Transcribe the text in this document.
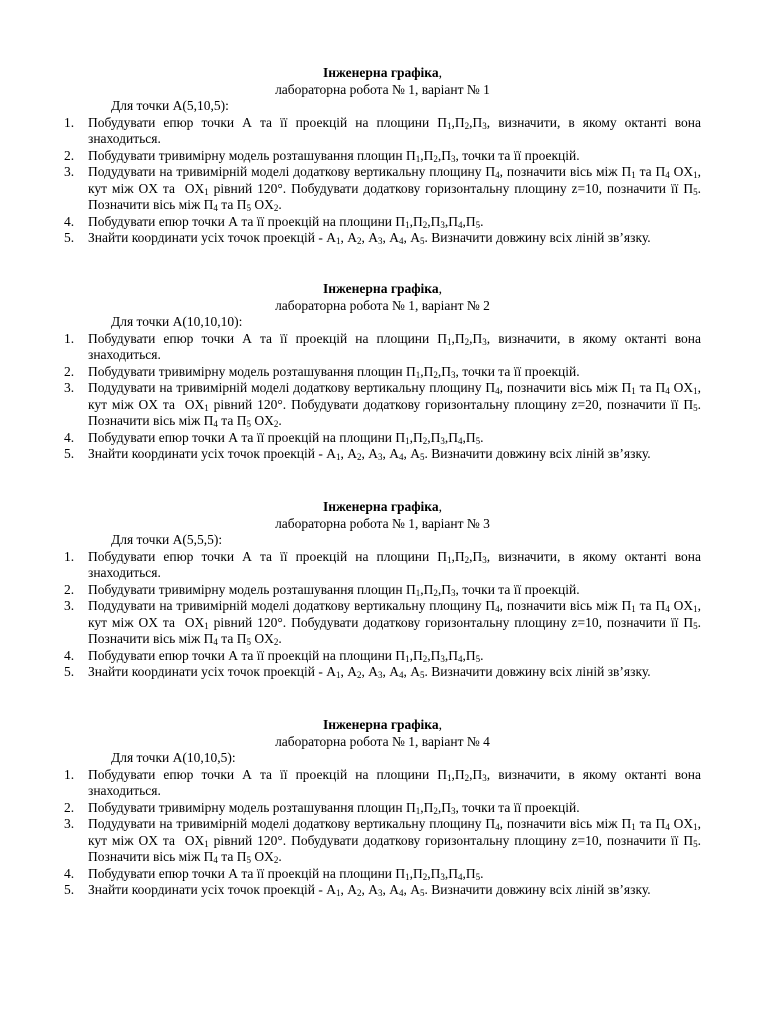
Інженерна графіка,
лабораторна робота № 1, варіант № 1
Для точки А(5,10,5):
1.	Побудувати епюр точки А та її проекцій на площини $П_1,П_2,П_3$, визначити, в якому октанті вона знаходиться.
2.	Побудувати тривимірну модель розташування площин $П_1,П_2,П_3$, точки та її проекцій.
3.	Подудувати на тривимірній моделі додаткову вертикальну площину $П_4$, позначити вісь між $П_1$ та $П_4$ $OX_1$, кут між OX та  $OX_1$ рівний 120°. Побудувати додаткову горизонтальну площину z=10, позначити її $П_5$. Позначити вісь між $П_4$ та $П_5$ $OX_2$.
4.	Побудувати епюр точки А та її проекцій на площини $П_1,П_2,П_3,П_4,П_5$.
5.	Знайти координати усіх точок проекцій - $А_1$, $А_2$, $А_3$, $А_4$, $А_5$. Визначити довжину всіх ліній звʼязку.
Інженерна графіка,
лабораторна робота № 1, варіант № 2
Для точки А(10,10,10):
1.	Побудувати епюр точки А та її проекцій на площини $П_1,П_2,П_3$, визначити, в якому октанті вона знаходиться.
2.	Побудувати тривимірну модель розташування площин $П_1,П_2,П_3$, точки та її проекцій.
3.	Подудувати на тривимірній моделі додаткову вертикальну площину $П_4$, позначити вісь між $П_1$ та $П_4$ $OX_1$, кут між OX та  $OX_1$ рівний 120°. Побудувати додаткову горизонтальну площину z=20, позначити її $П_5$. Позначити вісь між $П_4$ та $П_5$ $OX_2$.
4.	Побудувати епюр точки А та її проекцій на площини $П_1,П_2,П_3,П_4,П_5$.
5.	Знайти координати усіх точок проекцій - $А_1$, $А_2$, $А_3$, $А_4$, $А_5$. Визначити довжину всіх ліній звʼязку.
Інженерна графіка,
лабораторна робота № 1, варіант № 3
Для точки А(5,5,5):
1.	Побудувати епюр точки А та її проекцій на площини $П_1,П_2,П_3$, визначити, в якому октанті вона знаходиться.
2.	Побудувати тривимірну модель розташування площин $П_1,П_2,П_3$, точки та її проекцій.
3.	Подудувати на тривимірній моделі додаткову вертикальну площину $П_4$, позначити вісь між $П_1$ та $П_4$ $OX_1$, кут між OX та  $OX_1$ рівний 120°. Побудувати додаткову горизонтальну площину z=10, позначити її $П_5$. Позначити вісь між $П_4$ та $П_5$ $OX_2$.
4.	Побудувати епюр точки А та її проекцій на площини $П_1,П_2,П_3,П_4,П_5$.
5.	Знайти координати усіх точок проекцій - $А_1$, $А_2$, $А_3$, $А_4$, $А_5$. Визначити довжину всіх ліній звʼязку.
Інженерна графіка,
лабораторна робота № 1, варіант № 4
Для точки А(10,10,5):
1.	Побудувати епюр точки А та її проекцій на площини $П_1,П_2,П_3$, визначити, в якому октанті вона знаходиться.
2.	Побудувати тривимірну модель розташування площин $П_1,П_2,П_3$, точки та її проекцій.
3.	Подудувати на тривимірній моделі додаткову вертикальну площину $П_4$, позначити вісь між $П_1$ та $П_4$ $OX_1$, кут між OX та  $OX_1$ рівний 120°. Побудувати додаткову горизонтальну площину z=10, позначити її $П_5$. Позначити вісь між $П_4$ та $П_5$ $OX_2$.
4.	Побудувати епюр точки А та її проекцій на площини $П_1,П_2,П_3,П_4,П_5$.
5.	Знайти координати усіх точок проекцій - $А_1$, $А_2$, $А_3$, $А_4$, $А_5$. Визначити довжину всіх ліній звʼязку.
